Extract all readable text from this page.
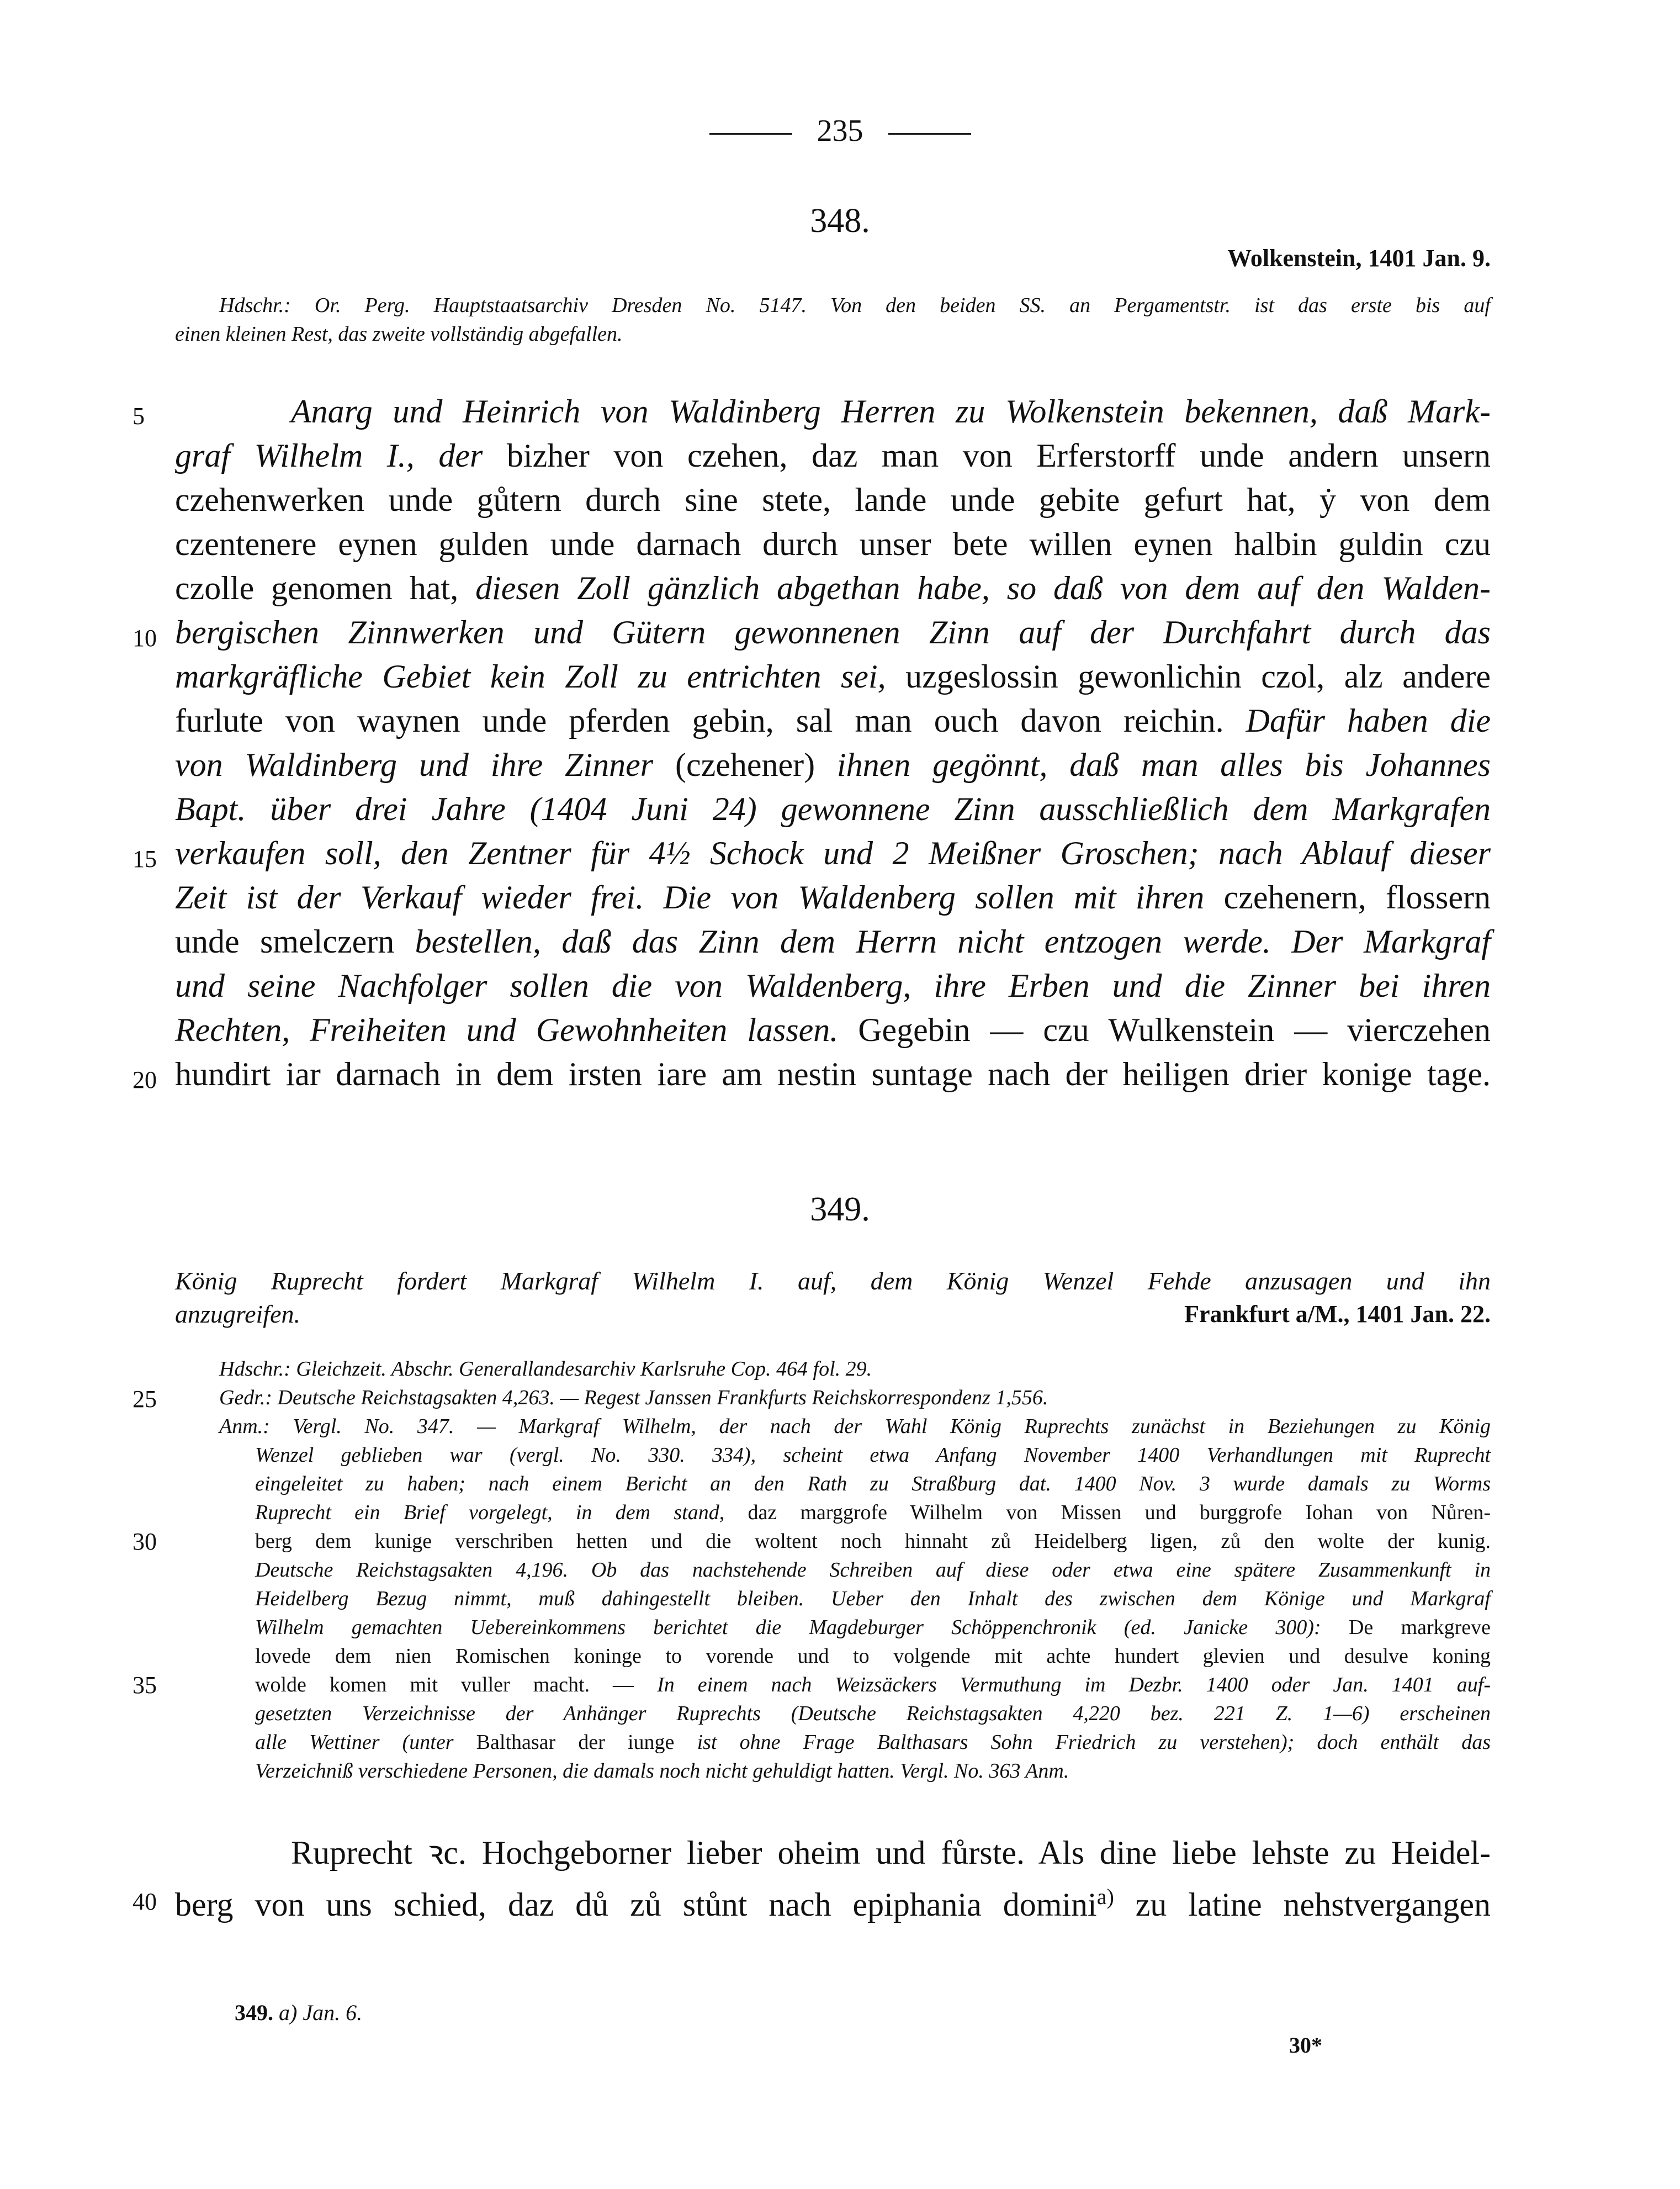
235
348.
Wolkenstein, 1401 Jan. 9.
Hdschr.: Or. Perg. Hauptstaatsarchiv Dresden No. 5147. Von den beiden SS. an Pergamentstr. ist das erste bis auf
einen kleinen Rest, das zweite vollständig abgefallen.
5	Anarg und Heinrich von Waldinberg Herren zu Wolkenstein bekennen, daß Mark-
graf Wilhelm I., der bizher von czehen, daz man von Erferstorff unde andern unsern
czehenwerken unde gůtern durch sine stete, lande unde gebite gefurt hat, ẏ von dem
czentenere eynen gulden unde darnach durch unser bete willen eynen halbin guldin czu
czolle genomen hat, diesen Zoll gänzlich abgethan habe, so daß von dem auf den Walden-
10 bergischen Zinnwerken und Gütern gewonnenen Zinn auf der Durchfahrt durch das
markgräfliche Gebiet kein Zoll zu entrichten sei, uzgeslossin gewonlichin czol, alz andere
furlute von waynen unde pferden gebin, sal man ouch davon reichin. Dafür haben die
von Waldinberg und ihre Zinner (czehener) ihnen gegönnt, daß man alles bis Johannes
Bapt. über drei Jahre (1404 Juni 24) gewonnene Zinn ausschließlich dem Markgrafen
15 verkaufen soll, den Zentner für 4½ Schock und 2 Meißner Groschen; nach Ablauf dieser
Zeit ist der Verkauf wieder frei. Die von Waldenberg sollen mit ihren czehenern, flossern
unde smelczern bestellen, daß das Zinn dem Herrn nicht entzogen werde. Der Markgraf
und seine Nachfolger sollen die von Waldenberg, ihre Erben und die Zinner bei ihren
Rechten, Freiheiten und Gewohnheiten lassen. Gegebin — czu Wulkenstein — vierczehen
20 hundirt iar darnach in dem irsten iare am nestin suntage nach der heiligen drier konige tage.
349.
König Ruprecht fordert Markgraf Wilhelm I. auf, dem König Wenzel Fehde anzusagen und ihn
anzugreifen.	Frankfurt a/M., 1401 Jan. 22.
Hdschr.: Gleichzeit. Abschr. Generallandesarchiv Karlsruhe Cop. 464 fol. 29.
25	Gedr.: Deutsche Reichstagsakten 4,263. — Regest Janssen Frankfurts Reichskorrespondenz 1,556.
Anm.: Vergl. No. 347. — Markgraf Wilhelm, der nach der Wahl König Ruprechts zunächst in Beziehungen zu König
Wenzel geblieben war (vergl. No. 330. 334), scheint etwa Anfang November 1400 Verhandlungen mit Ruprecht
eingeleitet zu haben; nach einem Bericht an den Rath zu Straßburg dat. 1400 Nov. 3 wurde damals zu Worms
Ruprecht ein Brief vorgelegt, in dem stand, daz marggrofe Wilhelm von Missen und burggrofe Iohan von Nůren-
30	berg dem kunige verschriben hetten und die woltent noch hinnaht zů Heidelberg ligen, zů den wolte der kunig.
Deutsche Reichstagsakten 4,196. Ob das nachstehende Schreiben auf diese oder etwa eine spätere Zusammenkunft in
Heidelberg Bezug nimmt, muß dahingestellt bleiben. Ueber den Inhalt des zwischen dem Könige und Markgraf
Wilhelm gemachten Uebereinkommens berichtet die Magdeburger Schöppenchronik (ed. Janicke 300): De markgreve
lovede dem nien Romischen koninge to vorende und to volgende mit achte hundert glevien und desulve koning
35	wolde komen mit vuller macht. — In einem nach Weizsäckers Vermuthung im Dezbr. 1400 oder Jan. 1401 auf-
gesetzten Verzeichnisse der Anhänger Ruprechts (Deutsche Reichstagsakten 4,220 bez. 221 Z. 1—6) erscheinen
alle Wettiner (unter Balthasar der iunge ist ohne Frage Balthasars Sohn Friedrich zu verstehen); doch enthält das
Verzeichniß verschiedene Personen, die damals noch nicht gehuldigt hatten. Vergl. No. 363 Anm.
Ruprecht ꝛc. Hochgeborner lieber oheim und fůrste. Als dine liebe lehste zu Heidel-
40 berg von uns schied, daz dů zů stůnt nach epiphania domini$^{a)}$ zu latine nehstvergangen
349. a) Jan. 6.
30*
